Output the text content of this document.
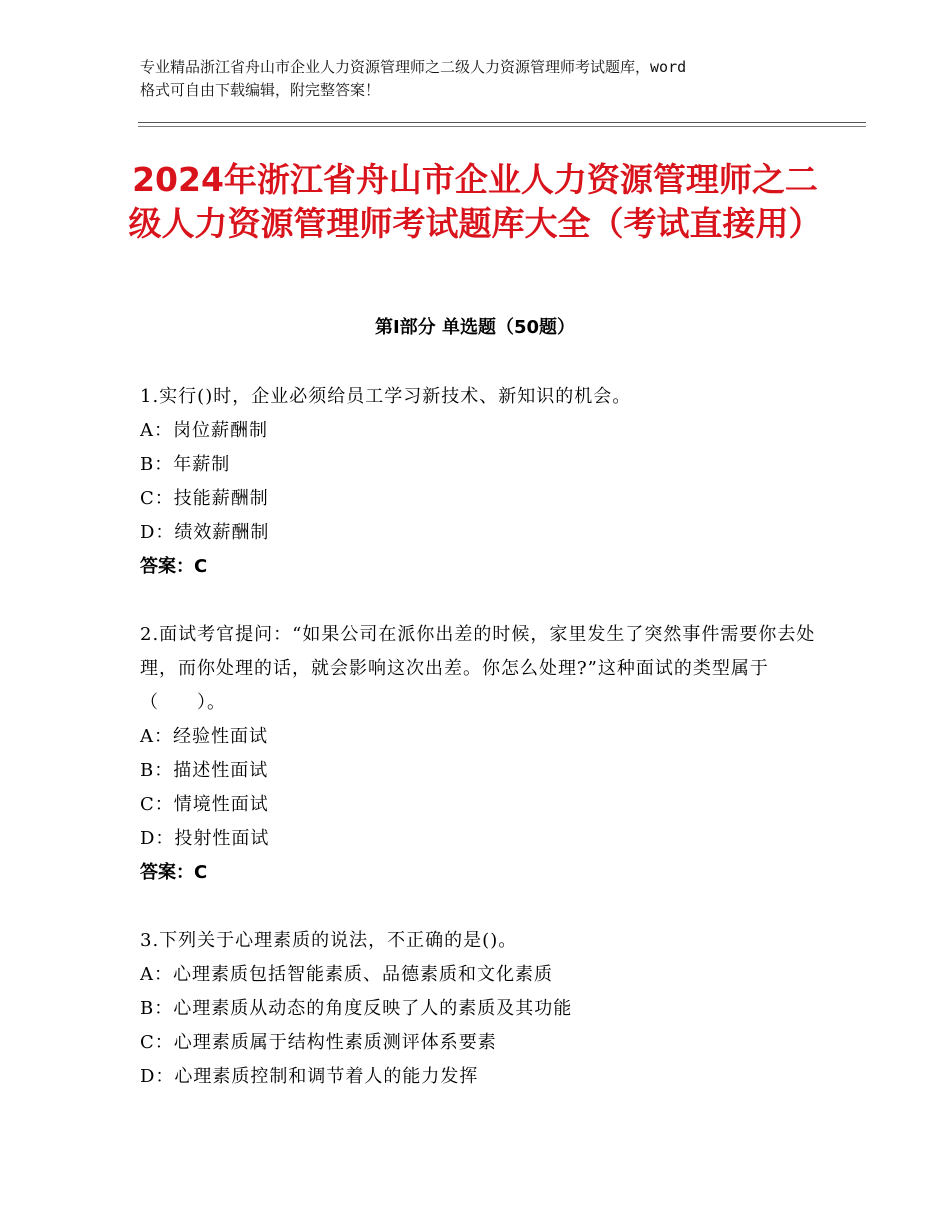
专业精品浙江省舟山市企业人力资源管理师之二级人力资源管理师考试题库，word
格式可自由下载编辑，附完整答案！
2024年浙江省舟山市企业人力资源管理师之二级人力资源管理师考试题库大全（考试直接用）
第Ⅰ部分 单选题（50题）

1.实行()时，企业必须给员工学习新技术、新知识的机会。

A：岗位薪酬制

B：年薪制

C：技能薪酬制

D：绩效薪酬制

答案：C

2.面试考官提问：“如果公司在派你出差的时候，家里发生了突然事件需要你去处理，而你处理的话，就会影响这次出差。你怎么处理?”这种面试的类型属于（　　）。

A：经验性面试

B：描述性面试

C：情境性面试

D：投射性面试

答案：C

3.下列关于心理素质的说法，不正确的是()。

A：心理素质包括智能素质、品德素质和文化素质

B：心理素质从动态的角度反映了人的素质及其功能

C：心理素质属于结构性素质测评体系要素

D：心理素质控制和调节着人的能力发挥
